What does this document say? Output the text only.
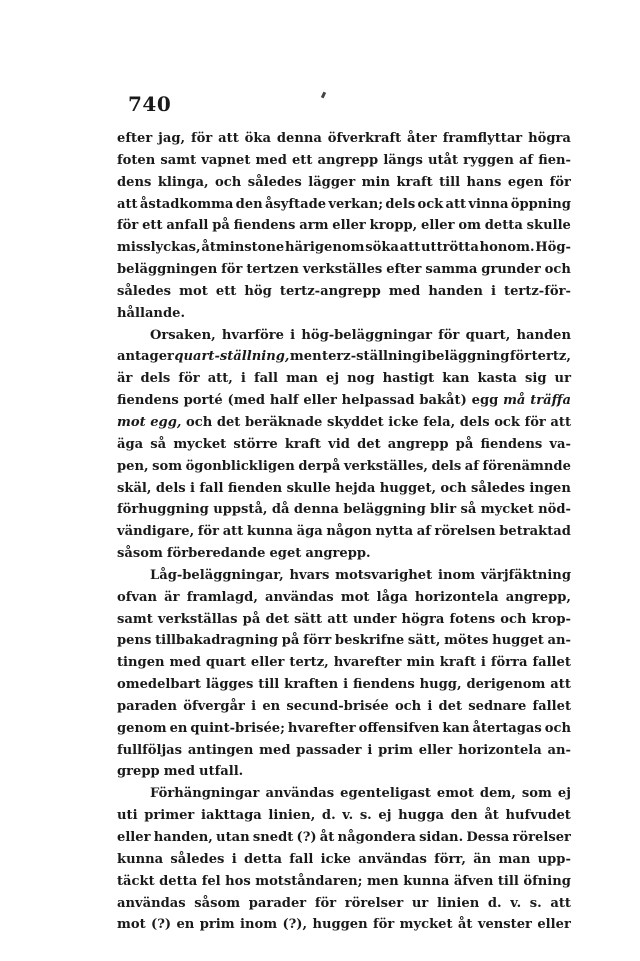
740
efter jag, för att öka denna öfverkraft åter framflyttar högra
foten samt vapnet med ett angrepp längs utåt ryggen af fien-
dens klinga, och således lägger min kraft till hans egen för
att åstadkomma den åsyftade verkan; dels ock att vinna öppning
för ett anfall på fiendens arm eller kropp, eller om detta skulle
misslyckas, åtminstone härigenom söka att uttrötta honom. Hög-
beläggningen för tertzen verkställes efter samma grunder och
således mot ett hög tertz-angrepp med handen i tertz-för-
hållande.
Orsaken, hvarföre i hög-beläggningar för quart, handen
antager quart-ställning, men terz-ställning i beläggning för tertz,
är dels för att, i fall man ej nog hastigt kan kasta sig ur
fiendens porté (med half eller helpassad bakåt) egg må träffa
mot egg, och det beräknade skyddet icke fela, dels ock för att
äga så mycket större kraft vid det angrepp på fiendens va-
pen, som ögonblickligen derpå verkställes, dels af förenämnde
skäl, dels i fall fienden skulle hejda hugget, och således ingen
förhuggning uppstå, då denna beläggning blir så mycket nöd-
vändigare, för att kunna äga någon nytta af rörelsen betraktad
såsom förberedande eget angrepp.
Låg-beläggningar, hvars motsvarighet inom värjfäktning
ofvan är framlagd, användas mot låga horizontela angrepp,
samt verkställas på det sätt att under högra fotens och krop-
pens tillbakadragning på förr beskrifne sätt, mötes hugget an-
tingen med quart eller tertz, hvarefter min kraft i förra fallet
omedelbart lägges till kraften i fiendens hugg, derigenom att
paraden öfvergår i en secund-brisée och i det sednare fallet
genom en quint-brisée; hvarefter offensifven kan återtagas och
fullföljas antingen med passader i prim eller horizontela an-
grepp med utfall.
Förhängningar användas egenteligast emot dem, som ej
uti primer iakttaga linien, d. v. s. ej hugga den åt hufvudet
eller handen, utan snedt (?) åt någondera sidan. Dessa rörelser
kunna således i detta fall icke användas förr, än man upp-
täckt detta fel hos motståndaren; men kunna äfven till öfning
användas såsom parader för rörelser ur linien d. v. s. att
mot (?) en prim inom (?), huggen för mycket åt venster eller
